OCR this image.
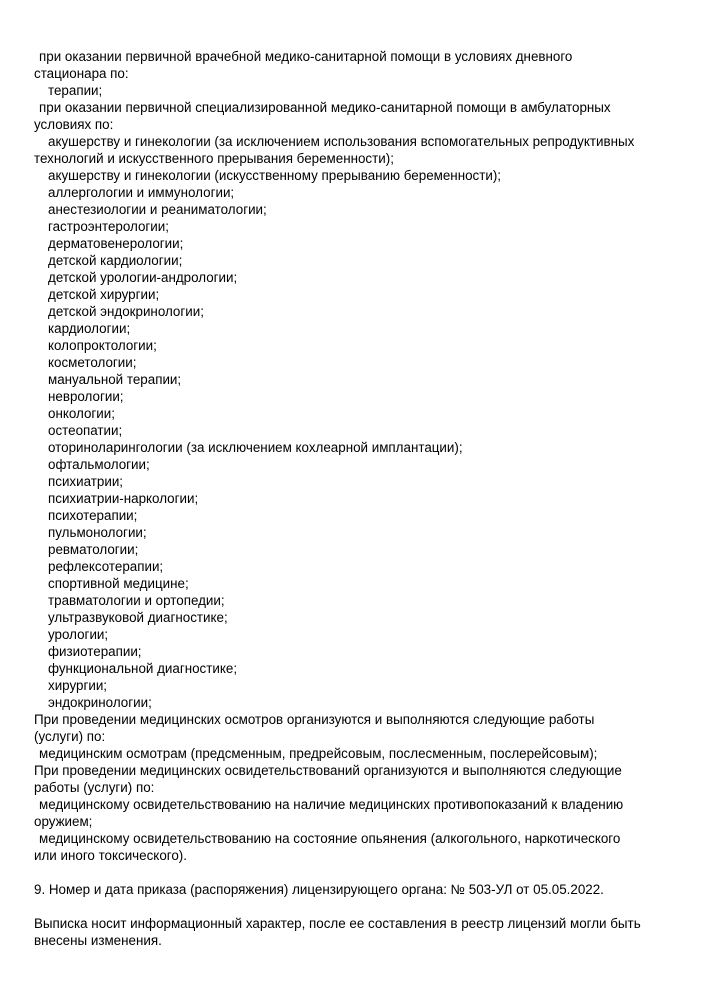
при оказании первичной врачебной медико-санитарной помощи в условиях дневного
стационара по:
терапии;
при оказании первичной специализированной медико-санитарной помощи в амбулаторных
условиях по:
акушерству и гинекологии (за исключением использования вспомогательных репродуктивных
технологий и искусственного прерывания беременности);
акушерству и гинекологии (искусственному прерыванию беременности);
аллергологии и иммунологии;
анестезиологии и реаниматологии;
гастроэнтерологии;
дерматовенерологии;
детской кардиологии;
детской урологии-андрологии;
детской хирургии;
детской эндокринологии;
кардиологии;
колопроктологии;
косметологии;
мануальной терапии;
неврологии;
онкологии;
остеопатии;
оториноларингологии (за исключением кохлеарной имплантации);
офтальмологии;
психиатрии;
психиатрии-наркологии;
психотерапии;
пульмонологии;
ревматологии;
рефлексотерапии;
спортивной медицине;
травматологии и ортопедии;
ультразвуковой диагностике;
урологии;
физиотерапии;
функциональной диагностике;
хирургии;
эндокринологии;
При проведении медицинских осмотров организуются и выполняются следующие работы
(услуги) по:
медицинским осмотрам (предсменным, предрейсовым, послесменным, послерейсовым);
При проведении медицинских освидетельствований организуются и выполняются следующие
работы (услуги) по:
медицинскому освидетельствованию на наличие медицинских противопоказаний к владению
оружием;
медицинскому освидетельствованию на состояние опьянения (алкогольного, наркотического
или иного токсического).
9. Номер и дата приказа (распоряжения) лицензирующего органа: № 503-УЛ от 05.05.2022.
Выписка носит информационный характер, после ее составления в реестр лицензий могли быть
внесены изменения.
